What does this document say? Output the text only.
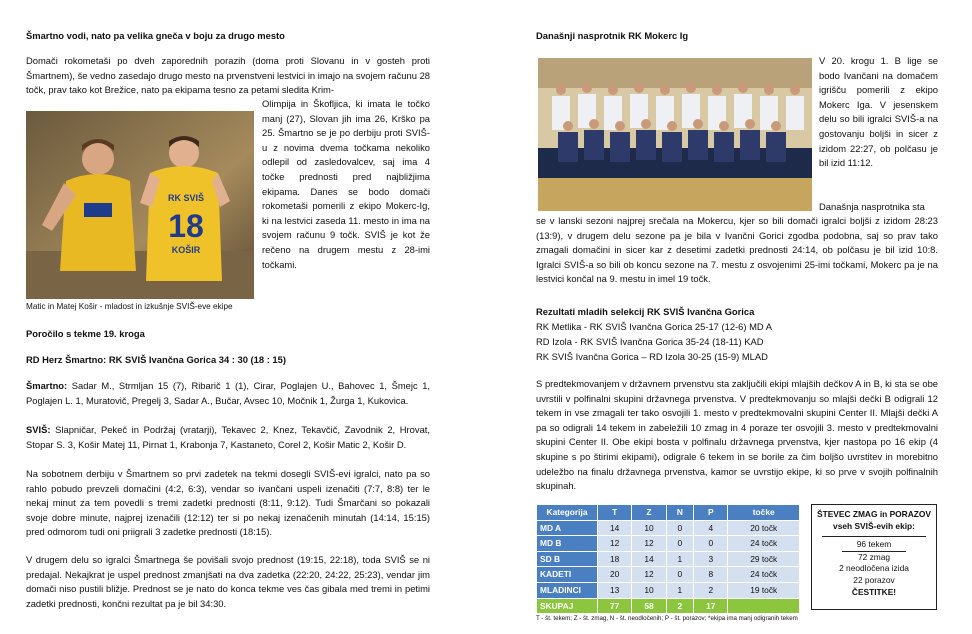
Šmartno vodi, nato pa velika gneča v boju za drugo mesto

Domači rokometaši po dveh zaporednih porazih (doma proti Slovanu in v gosteh proti Šmartnem), še vedno zasedajo drugo mesto na prvenstveni lestvici in imajo na svojem računu 28 točk, prav tako kot Brežice, nato pa ekipama tesno za petami sledita Krim-

RK SVIŠ
18
KOŠIR

Olimpija in Škofljica, ki imata le točko manj (27), Slovan jih ima 26, Krško pa 25. Šmartno se je po derbiju proti SVIŠ-u z novima dvema točkama nekoliko odlepil od zasledovalcev, saj ima 4 točke prednosti pred najbližjima ekipama. Danes se bodo domači rokometaši pomerili z ekipo Mokerc-Ig, ki na lestvici zaseda 11. mesto in ima na svojem računu 9 točk. SVIŠ je kot že rečeno na drugem mestu z 28-imi točkami.

Matic in Matej Košir - mladost in izkušnje SVIŠ-eve ekipe

Poročilo s tekme 19. kroga

RD Herz Šmartno: RK SVIŠ Ivančna Gorica 34 : 30 (18 : 15)

Šmartno: Sadar M., Strmljan 15 (7), Ribarič 1 (1), Cirar, Poglajen U., Bahovec 1, Šmejc 1, Poglajen L. 1, Muratovič, Pregelj 3, Sadar A., Bučar, Avsec 10, Močnik 1, Žurga 1, Kukovica.

SVIŠ: Slapničar, Pekeč in Podržaj (vratarji), Tekavec 2, Knez, Tekavčič, Zavodnik 2, Hrovat, Stopar S. 3, Košir Matej 11, Pirnat 1, Krabonja 7, Kastaneto, Corel 2, Košir Matic 2, Košir D.

Na sobotnem derbiju v Šmartnem so prvi zadetek na tekmi dosegli SVIŠ-evi igralci, nato pa so rahlo pobudo prevzeli domačini (4:2, 6:3), vendar so ivančani uspeli izenačiti (7:7, 8:8) ter le nekaj minut za tem povedli s tremi zadetki prednosti (8:11, 9:12). Tudi Šmarčani so pokazali svoje dobre minute, najprej izenačili (12:12) ter si po nekaj izenačenih minutah (14:14, 15:15) pred odmorom tudi oni priigrali 3 zadetke prednosti (18:15).

V drugem delu so igralci Šmartnega še povišali svojo prednost (19:15, 22:18), toda SVIŠ se ni predajal. Nekajkrat je uspel prednost zmanjšati na dva zadetka (22:20, 24:22, 25:23), vendar jim domači niso pustili bližje. Prednost se je nato do konca tekme ves čas gibala med tremi in petimi zadetki prednosti, končni rezultat pa je bil 34:30.

Današnji nasprotnik RK Mokerc Ig

V 20. krogu 1. B lige se bodo Ivančani na domačem igrišču pomerili z ekipo Mokerc Iga. V jesenskem delu so bili igralci SVIŠ-a na gostovanju boljši in sicer z izidom 22:27, ob polčasu je bil izid 11:12.

Današnja nasprotnika sta

se v lanski sezoni najprej srečala na Mokercu, kjer so bili domači igralci boljši z izidom 28:23 (13:9), v drugem delu sezone pa je bila v Ivančni Gorici zgodba podobna, saj so prav tako zmagali domačini in sicer kar z desetimi zadetki prednosti 24:14, ob polčasu je bil izid 10:8. Igralci SVIŠ-a so bili ob koncu sezone na 7. mestu z osvojenimi 25-imi točkami, Mokerc pa je na lestvici končal na 9. mestu in imel 19 točk.

Rezultati mladih selekcij RK SVIŠ Ivančna Gorica

RK Metlika - RK SVIŠ Ivančna Gorica 25-17 (12-6) MD A

RD Izola - RK SVIŠ Ivančna Gorica 35-24 (18-11) KAD

RK SVIŠ Ivančna Gorica – RD Izola 30-25 (15-9) MLAD

S predtekmovanjem v državnem prvenstvu sta zaključili ekipi mlajših dečkov A in B, ki sta se obe uvrstili v polfinalni skupini državnega prvenstva. V predtekmovanju so mlajši dečki B odigrali 12 tekem in vse zmagali ter tako osvojili 1. mesto v predtekmovalni skupini Center II. Mlajši dečki A pa so odigrali 14 tekem in zabeležili 10 zmag in 4 poraze ter osvojili 3. mesto v predtekmovalni skupini Center II. Obe ekipi bosta v polfinalu državnega prvenstva, kjer nastopa po 16 ekip (4 skupine s po štirimi ekipami), odigrale 6 tekem in se borile za čim boljšo uvrstitev in morebitno udeležbo na finalu državnega prvenstva, kamor se uvrstijo ekipe, ki so prve v svojih polfinalnih skupinah.

Kategorija	T	Z	N	P	točke
MD A	14	10	0	4	20 točk
MD B	12	12	0	0	24 točk
SD B	18	14	1	3	29 točk
KADETI	20	12	0	8	24 točk
MLADINCI	13	10	1	2	19 točk
SKUPAJ	77	58	2	17	
T - št. tekem; Z - št. zmag, N - št. neodločenih; P - št. porazov; *ekipa ima manj odigranih tekem
ŠTEVEC ZMAG in PORAZOV vseh SVIŠ-evih ekip:
96 tekem
72 zmag
2 neodločena izida
22 porazov
ČESTITKE!
